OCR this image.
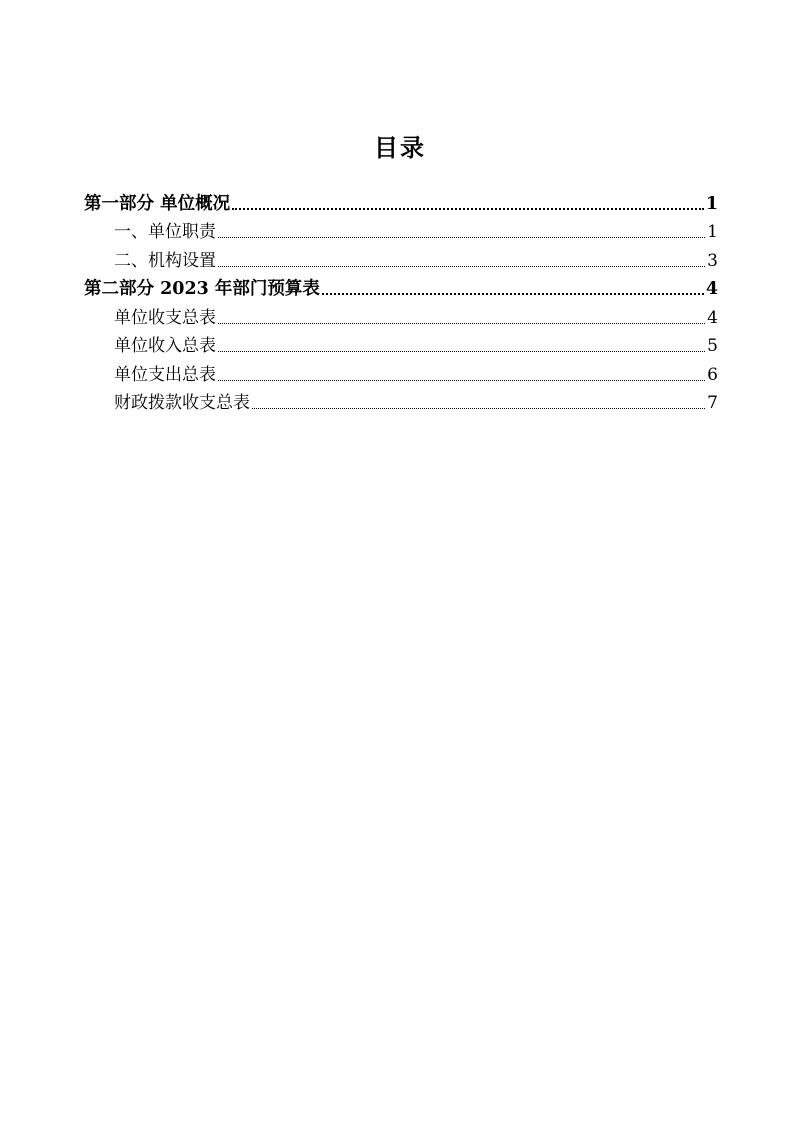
目录
第一部分 单位概况	1
一、单位职责	1
二、机构设置	3
第二部分 2023 年部门预算表	4
单位收支总表	4
单位收入总表	5
单位支出总表	6
财政拨款收支总表	7
